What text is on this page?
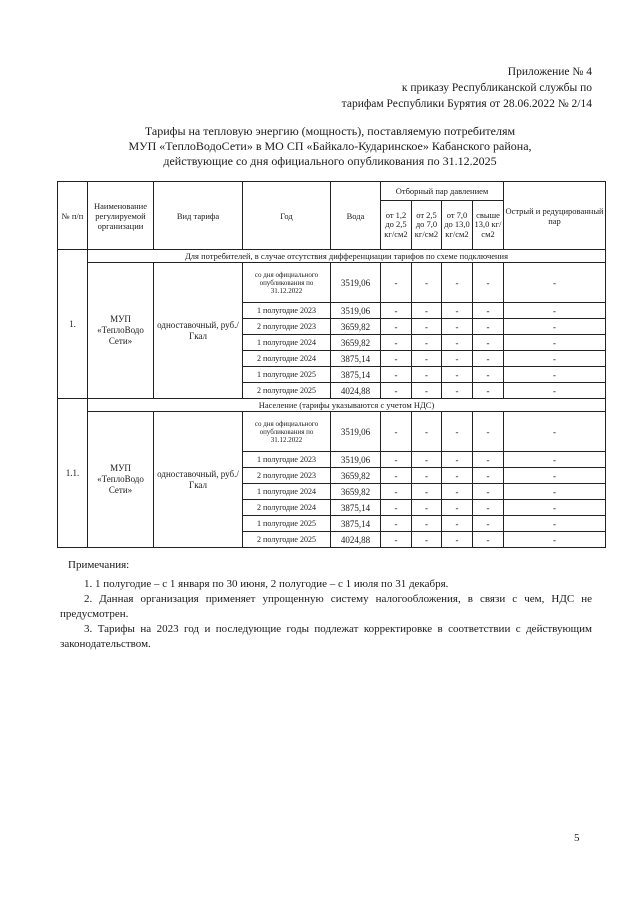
Приложение № 4
к приказу Республиканской службы по
тарифам Республики Бурятия от 28.06.2022 № 2/14
Тарифы на тепловую энергию (мощность), поставляемую потребителям
МУП «ТеплоВодоСети» в МО СП «Байкало-Кударинское» Кабанского района,
действующие со дня официального опубликования по 31.12.2025
№ п/п	Наименование регулируемой организации	Вид тарифа	Год	Вода	Отборный пар давлением				Острый и редуцированный пар
					от 1,2 до 2,5 кг/см2	от 2,5 до 7,0 кг/см2	от 7,0 до 13,0 кг/см2	свыше 13,0 кг/см2	
1.	Для потребителей, в случае отсутствия дифференциации тарифов по схеме подключения								
	МУП «ТеплоВодо Сети»	одноставочный, руб./Гкал	со дня официального опубликования по 31.12.2022	3519,06	-	-	-	-	-
			1 полугодие 2023	3519,06	-	-	-	-	-
			2 полугодие 2023	3659,82	-	-	-	-	-
			1 полугодие 2024	3659,82	-	-	-	-	-
			2 полугодие 2024	3875,14	-	-	-	-	-
			1 полугодие 2025	3875,14	-	-	-	-	-
			2 полугодие 2025	4024,88	-	-	-	-	-
1.1.	Население (тарифы указываются с учетом НДС)								
	МУП «ТеплоВодо Сети»	одноставочный, руб./Гкал	со дня официального опубликования по 31.12.2022	3519,06	-	-	-	-	-
			1 полугодие 2023	3519,06	-	-	-	-	-
			2 полугодие 2023	3659,82	-	-	-	-	-
			1 полугодие 2024	3659,82	-	-	-	-	-
			2 полугодие 2024	3875,14	-	-	-	-	-
			1 полугодие 2025	3875,14	-	-	-	-	-
			2 полугодие 2025	4024,88	-	-	-	-	-
Примечания:
1. 1 полугодие – с 1 января по 30 июня, 2 полугодие – с 1 июля по 31 декабря.
2. Данная организация применяет упрощенную систему налогообложения, в связи с чем, НДС не предусмотрен.
3. Тарифы на 2023 год и последующие годы подлежат корректировке в соответствии с действующим законодательством.
5
